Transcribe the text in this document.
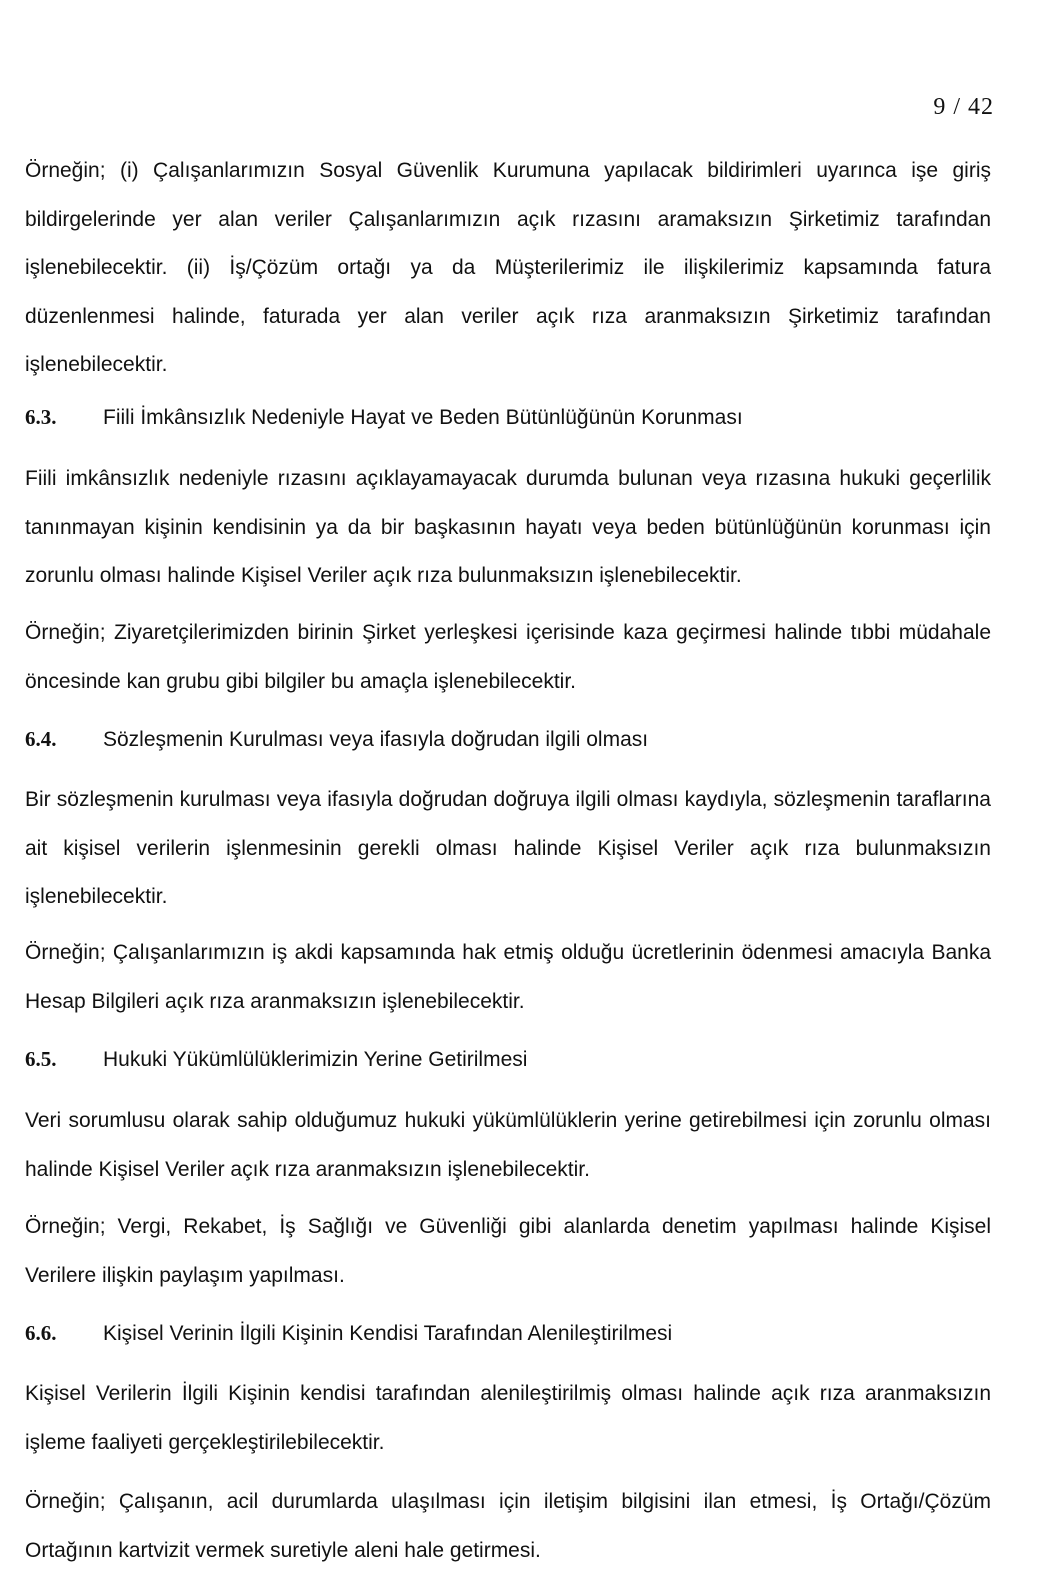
9 / 42

Örneğin; (i) Çalışanlarımızın Sosyal Güvenlik Kurumuna yapılacak bildirimleri uyarınca işe giriş bildirgelerinde yer alan veriler Çalışanlarımızın açık rızasını aramaksızın Şirketimiz tarafından işlenebilecektir. (ii) İş/Çözüm ortağı ya da Müşterilerimiz ile ilişkilerimiz kapsamında fatura düzenlenmesi halinde, faturada yer alan veriler açık rıza aranmaksızın Şirketimiz tarafından işlenebilecektir.

6.3. Fiili İmkânsızlık Nedeniyle Hayat ve Beden Bütünlüğünün Korunması

Fiili imkânsızlık nedeniyle rızasını açıklayamayacak durumda bulunan veya rızasına hukuki geçerlilik tanınmayan kişinin kendisinin ya da bir başkasının hayatı veya beden bütünlüğünün korunması için zorunlu olması halinde Kişisel Veriler açık rıza bulunmaksızın işlenebilecektir.

Örneğin; Ziyaretçilerimizden birinin Şirket yerleşkesi içerisinde kaza geçirmesi halinde tıbbi müdahale öncesinde kan grubu gibi bilgiler bu amaçla işlenebilecektir.

6.4. Sözleşmenin Kurulması veya ifasıyla doğrudan ilgili olması

Bir sözleşmenin kurulması veya ifasıyla doğrudan doğruya ilgili olması kaydıyla, sözleşmenin taraflarına ait kişisel verilerin işlenmesinin gerekli olması halinde Kişisel Veriler açık rıza bulunmaksızın işlenebilecektir.

Örneğin; Çalışanlarımızın iş akdi kapsamında hak etmiş olduğu ücretlerinin ödenmesi amacıyla Banka Hesap Bilgileri açık rıza aranmaksızın işlenebilecektir.

6.5. Hukuki Yükümlülüklerimizin Yerine Getirilmesi

Veri sorumlusu olarak sahip olduğumuz hukuki yükümlülüklerin yerine getirebilmesi için zorunlu olması halinde Kişisel Veriler açık rıza aranmaksızın işlenebilecektir.

Örneğin; Vergi, Rekabet, İş Sağlığı ve Güvenliği gibi alanlarda denetim yapılması halinde Kişisel Verilere ilişkin paylaşım yapılması.

6.6. Kişisel Verinin İlgili Kişinin Kendisi Tarafından Alenileştirilmesi

Kişisel Verilerin İlgili Kişinin kendisi tarafından alenileştirilmiş olması halinde açık rıza aranmaksızın işleme faaliyeti gerçekleştirilebilecektir.

Örneğin; Çalışanın, acil durumlarda ulaşılması için iletişim bilgisini ilan etmesi, İş Ortağı/Çözüm Ortağının kartvizit vermek suretiyle aleni hale getirmesi.
